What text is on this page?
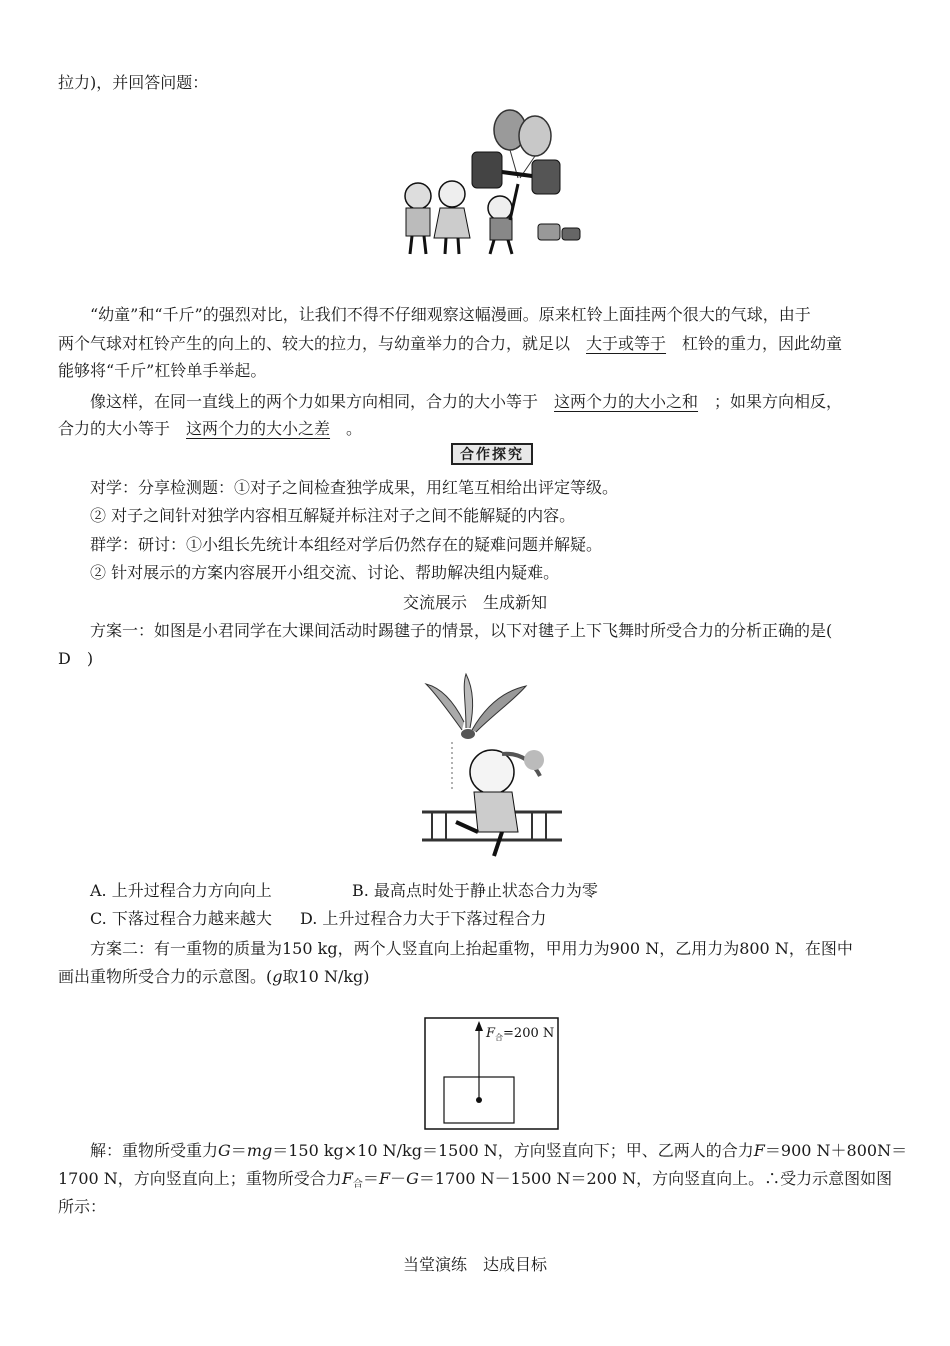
拉力)，并回答问题：
“幼童”和“千斤”的强烈对比，让我们不得不仔细观察这幅漫画。原来杠铃上面挂两个很大的气球，由于
两个气球对杠铃产生的向上的、较大的拉力，与幼童举力的合力，就足以 大于或等于 杠铃的重力，因此幼童
能够将“千斤”杠铃单手举起。
像这样，在同一直线上的两个力如果方向相同，合力的大小等于 这两个力的大小之和 ；如果方向相反，
合力的大小等于 这两个力的大小之差 。
合作探究
对学：分享检测题：①对子之间检查独学成果，用红笔互相给出评定等级。
② 对子之间针对独学内容相互解疑并标注对子之间不能解疑的内容。
群学：研讨：①小组长先统计本组经对学后仍然存在的疑难问题并解疑。
② 针对展示的方案内容展开小组交流、讨论、帮助解决组内疑难。
交流展示　生成新知
方案一：如图是小君同学在大课间活动时踢毽子的情景，以下对毽子上下飞舞时所受合力的分析正确的是(
D　)
A. 上升过程合力方向向上	B. 最高点时处于静止状态合力为零
C. 下落过程合力越来越大 D. 上升过程合力大于下落过程合力
方案二：有一重物的质量为150 kg，两个人竖直向上抬起重物，甲用力为900 N，乙用力为800 N，在图中
画出重物所受合力的示意图。(g取10 N/kg)
$F_合=200$ N
解：重物所受重力G＝mg＝150 kg×10 N/kg＝1500 N，方向竖直向下；甲、乙两人的合力F＝900 N＋800N＝
1700 N，方向竖直向上；重物所受合力$F_合=F-G=1700$ N－1500 N＝200 N，方向竖直向上。∴受力示意图如图
所示：
当堂演练　达成目标
